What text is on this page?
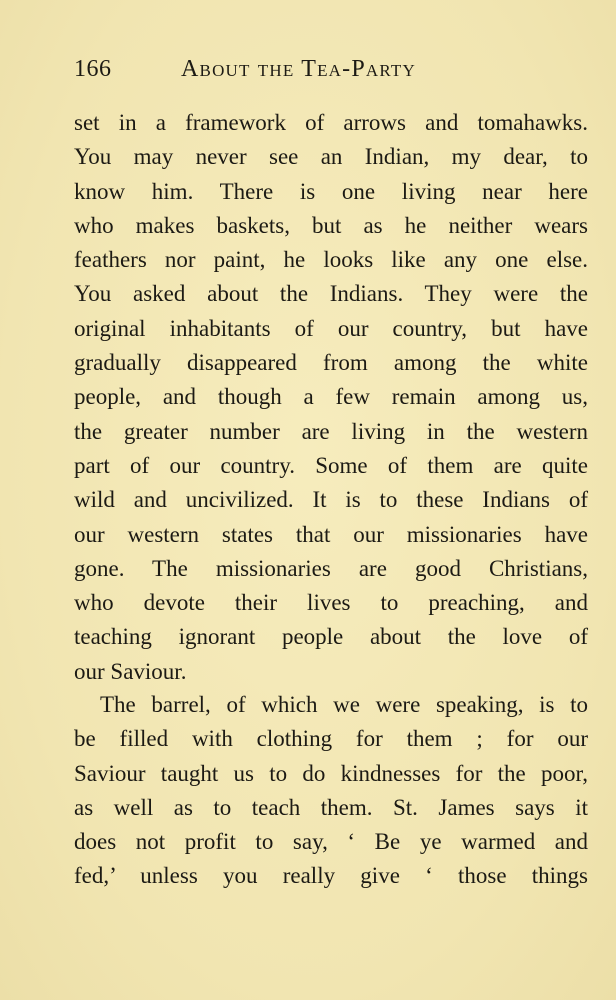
166	About the Tea-Party
set in a framework of arrows and tomahawks.
You may never see an Indian, my dear, to
know him. There is one living near here
who makes baskets, but as he neither wears
feathers nor paint, he looks like any one else.
You asked about the Indians. They were the
original inhabitants of our country, but have
gradually disappeared from among the white
people, and though a few remain among us,
the greater number are living in the western
part of our country. Some of them are quite
wild and uncivilized. It is to these Indians of
our western states that our missionaries have
gone. The missionaries are good Christians,
who devote their lives to preaching, and
teaching ignorant people about the love of
our Saviour.
The barrel, of which we were speaking, is to
be filled with clothing for them ; for our
Saviour taught us to do kindnesses for the poor,
as well as to teach them. St. James says it
does not profit to say, ‘ Be ye warmed and
fed,’ unless you really give ‘ those things
